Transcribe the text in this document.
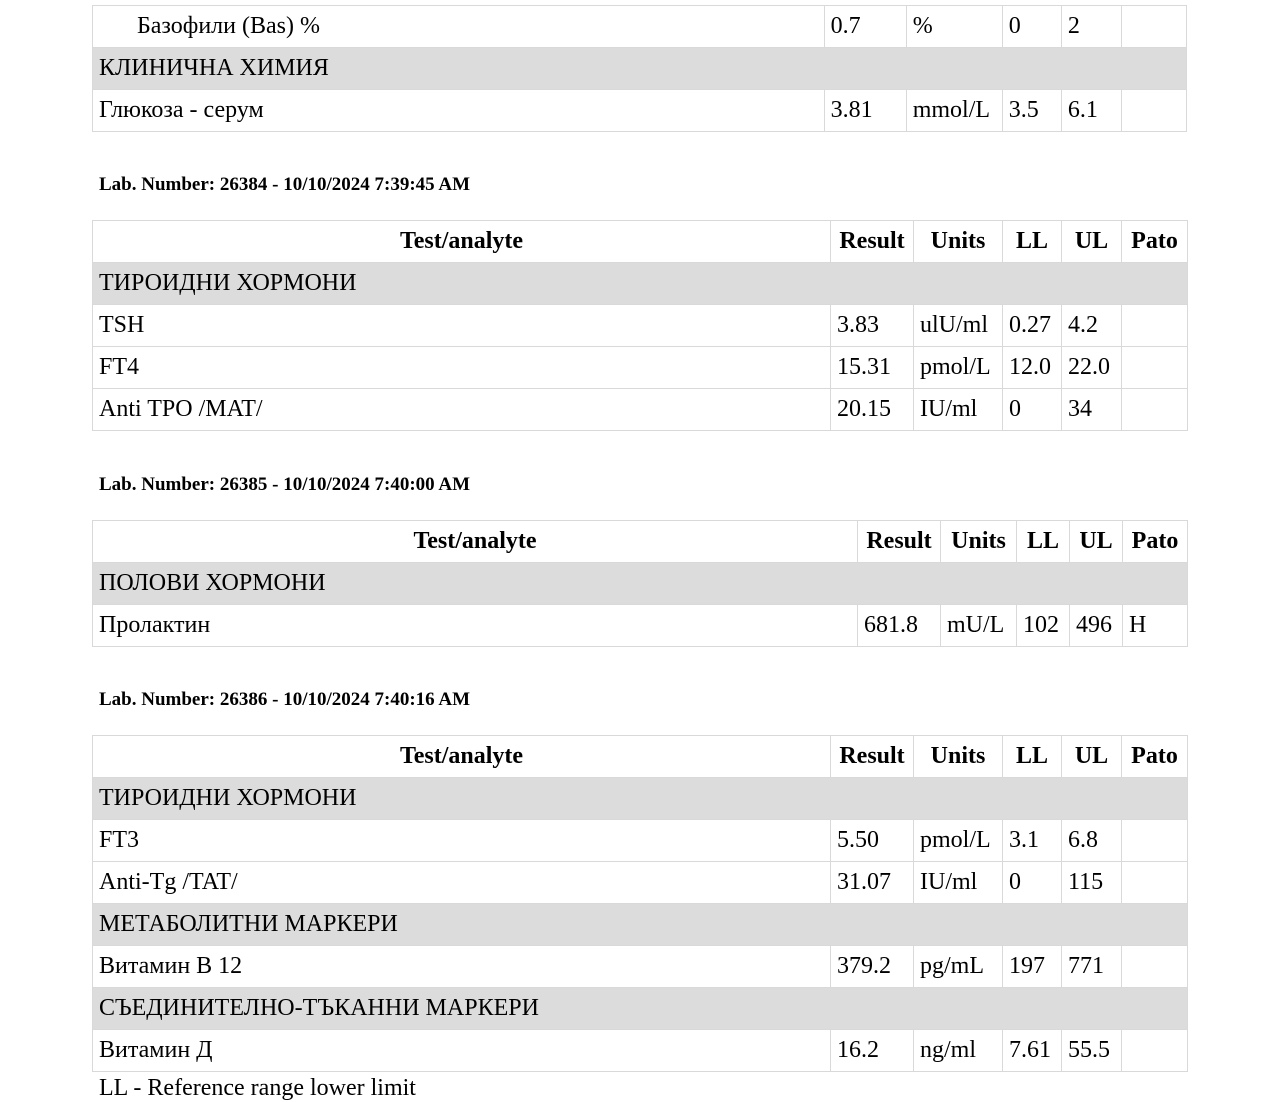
Базофили (Bas) %	0.7	%	0	2	
КЛИНИЧНА ХИМИЯ					
Глюкоза - серум	3.81	mmol/L	3.5	6.1	
Lab. Number: 26384 - 10/10/2024 7:39:45 AM
Test/analyte	Result	Units	LL	UL	Pato
ТИРОИДНИ ХОРМОНИ					
TSH	3.83	ulU/ml	0.27	4.2	
FT4	15.31	pmol/L	12.0	22.0	
Anti TPO /MAT/	20.15	IU/ml	0	34	
Lab. Number: 26385 - 10/10/2024 7:40:00 AM
Test/analyte	Result	Units	LL	UL	Pato
ПОЛОВИ ХОРМОНИ					
Пролактин	681.8	mU/L	102	496	H
Lab. Number: 26386 - 10/10/2024 7:40:16 AM
Test/analyte	Result	Units	LL	UL	Pato
ТИРОИДНИ ХОРМОНИ					
FT3	5.50	pmol/L	3.1	6.8	
Anti-Tg /TAT/	31.07	IU/ml	0	115	
МЕТАБОЛИТНИ МАРКЕРИ					
Витамин В 12	379.2	pg/mL	197	771	
СЪЕДИНИТЕЛНО-ТЪКАННИ МАРКЕРИ					
Витамин Д	16.2	ng/ml	7.61	55.5	
LL - Reference range lower limit
